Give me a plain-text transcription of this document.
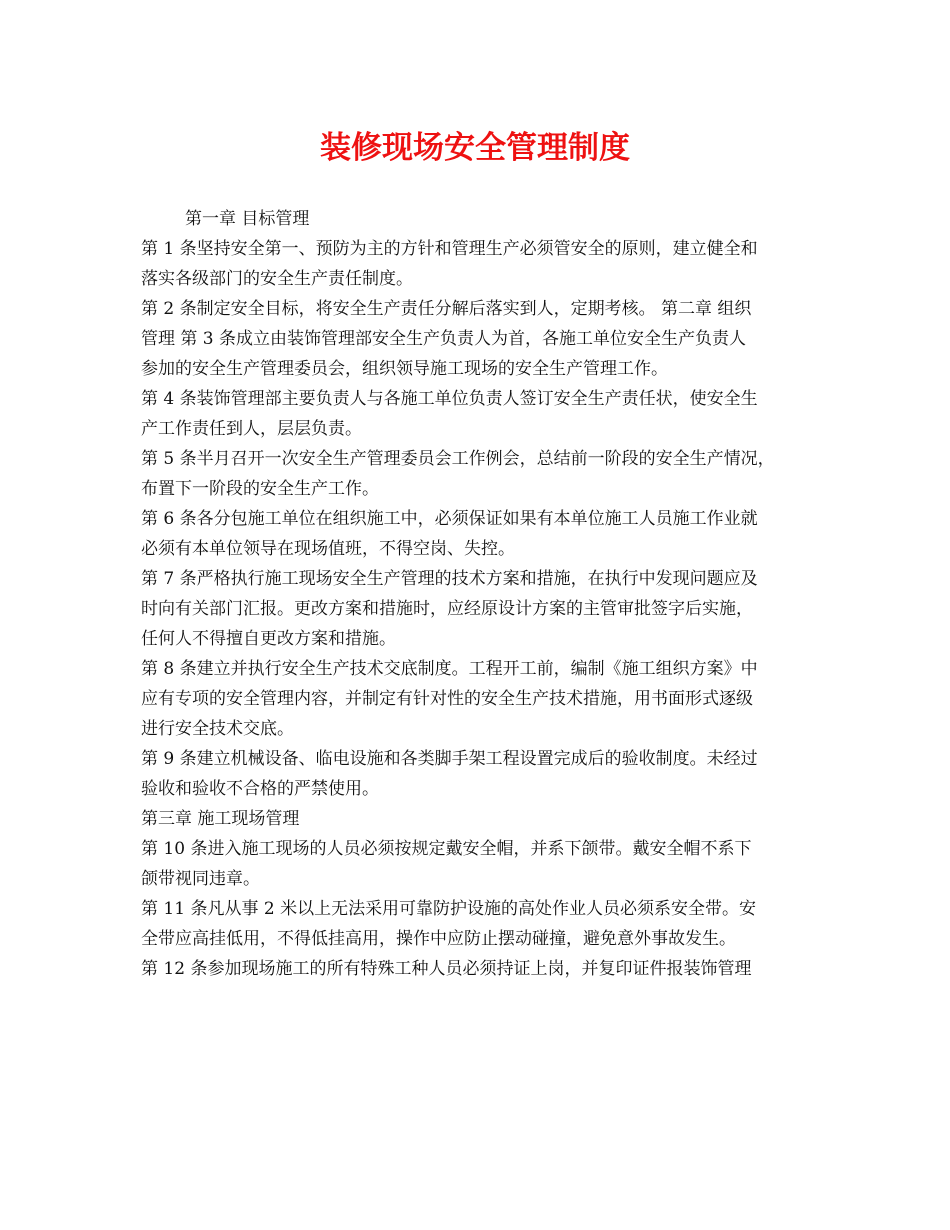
装修现场安全管理制度
第一章 目标管理
第 1 条坚持安全第一、预防为主的方针和管理生产必须管安全的原则，建立健全和
落实各级部门的安全生产责任制度。
第 2 条制定安全目标，将安全生产责任分解后落实到人，定期考核。 第二章 组织
管理 第 3 条成立由装饰管理部安全生产负责人为首，各施工单位安全生产负责人
参加的安全生产管理委员会，组织领导施工现场的安全生产管理工作。
第 4 条装饰管理部主要负责人与各施工单位负责人签订安全生产责任状，使安全生
产工作责任到人，层层负责。
第 5 条半月召开一次安全生产管理委员会工作例会，总结前一阶段的安全生产情况，
布置下一阶段的安全生产工作。
第 6 条各分包施工单位在组织施工中，必须保证如果有本单位施工人员施工作业就
必须有本单位领导在现场值班，不得空岗、失控。
第 7 条严格执行施工现场安全生产管理的技术方案和措施，在执行中发现问题应及
时向有关部门汇报。更改方案和措施时，应经原设计方案的主管审批签字后实施，
任何人不得擅自更改方案和措施。
第 8 条建立并执行安全生产技术交底制度。工程开工前，编制《施工组织方案》中
应有专项的安全管理内容，并制定有针对性的安全生产技术措施，用书面形式逐级
进行安全技术交底。
第 9 条建立机械设备、临电设施和各类脚手架工程设置完成后的验收制度。未经过
验收和验收不合格的严禁使用。
第三章 施工现场管理
第 10 条进入施工现场的人员必须按规定戴安全帽，并系下颌带。戴安全帽不系下
颌带视同违章。
第 11 条凡从事 2 米以上无法采用可靠防护设施的高处作业人员必须系安全带。安
全带应高挂低用，不得低挂高用，操作中应防止摆动碰撞，避免意外事故发生。
第 12 条参加现场施工的所有特殊工种人员必须持证上岗，并复印证件报装饰管理
